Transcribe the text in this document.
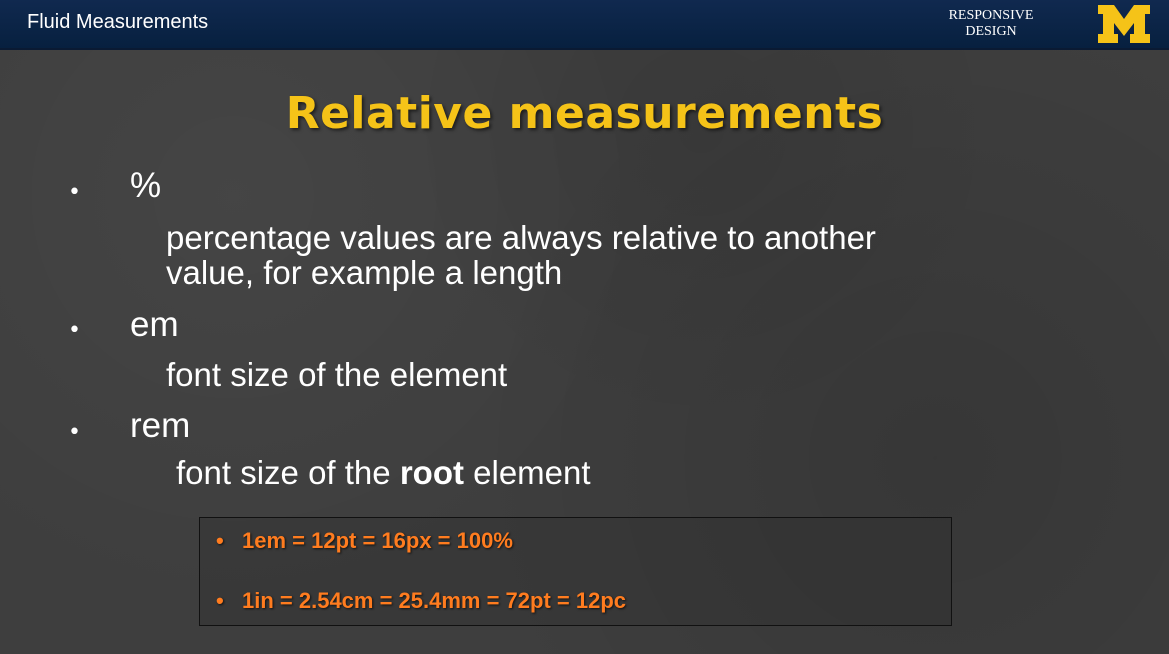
Fluid Measurements	RESPONSIVE
DESIGN
Relative measurements
• %
percentage values are always relative to another
value, for example a length
• em
font size of the element
• rem
font size of the root element
• 1em = 12pt = 16px = 100%
• 1in = 2.54cm = 25.4mm = 72pt = 12pc
